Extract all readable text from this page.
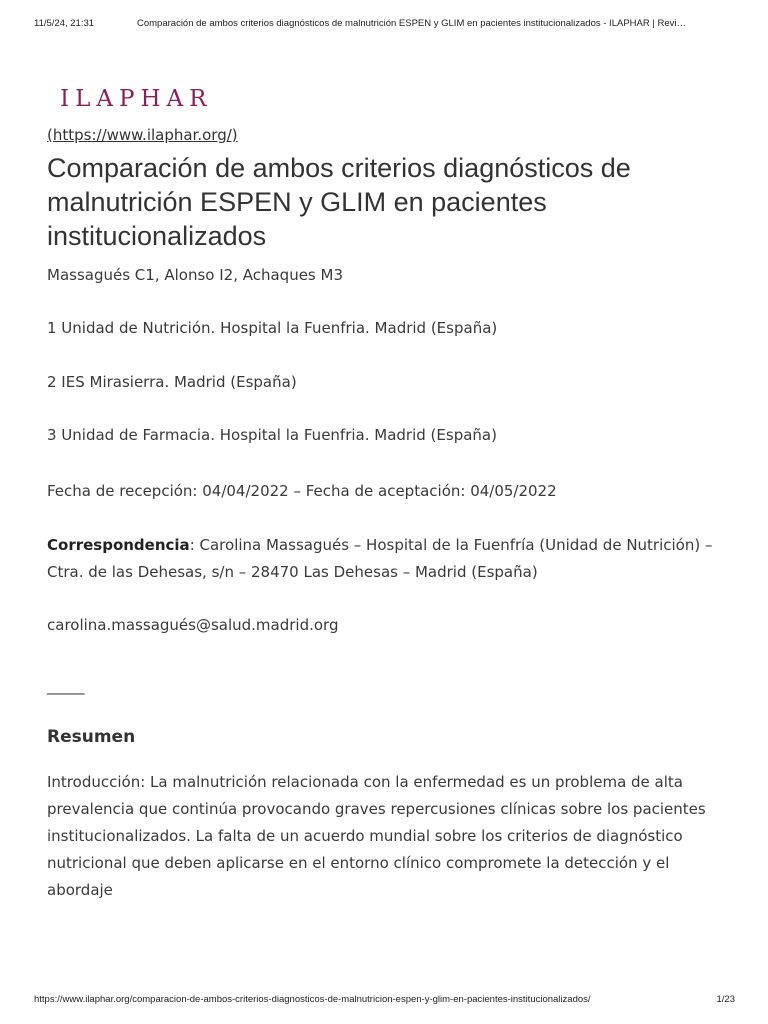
11/5/24, 21:31	Comparación de ambos criterios diagnósticos de malnutrición ESPEN y GLIM en pacientes institucionalizados - ILAPHAR | Revi…
ILAPHAR
(https://www.ilaphar.org/)
Comparación de ambos criterios diagnósticos de malnutrición ESPEN y GLIM en pacientes institucionalizados

Massagués C1, Alonso I2, Achaques M3

1 Unidad de Nutrición. Hospital la Fuenfria. Madrid (España)

2 IES Mirasierra. Madrid (España)

3 Unidad de Farmacia. Hospital la Fuenfria. Madrid (España)

Fecha de recepción: 04/04/2022 – Fecha de aceptación: 04/05/2022

Correspondencia: Carolina Massagués – Hospital de la Fuenfría (Unidad de Nutrición) – Ctra. de las Dehesas, s/n – 28470 Las Dehesas – Madrid (España)

carolina.massagués@salud.madrid.org

_____

Resumen

Introducción: La malnutrición relacionada con la enfermedad es un problema de alta prevalencia que continúa provocando graves repercusiones clínicas sobre los pacientes institucionalizados. La falta de un acuerdo mundial sobre los criterios de diagnóstico nutricional que deben aplicarse en el entorno clínico compromete la detección y el abordaje

https://www.ilaphar.org/comparacion-de-ambos-criterios-diagnosticos-de-malnutricion-espen-y-glim-en-pacientes-institucionalizados/	1/23
